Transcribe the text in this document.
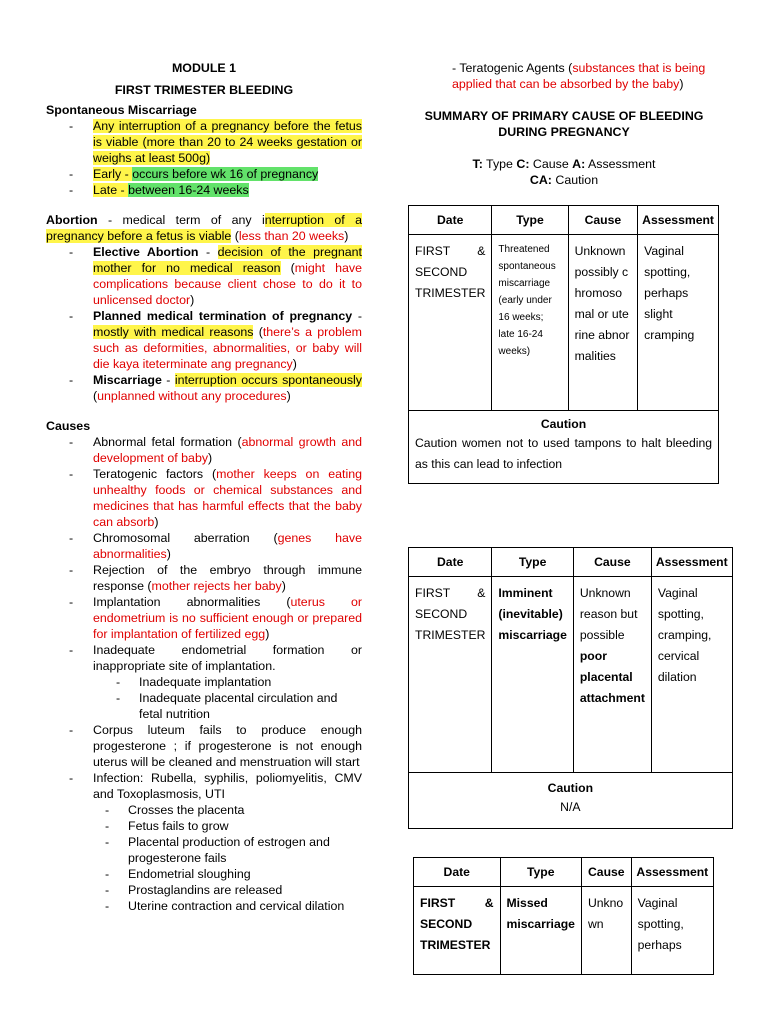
MODULE 1

FIRST TRIMESTER BLEEDING

Spontaneous Miscarriage

- Any interruption of a pregnancy before the fetus is viable (more than 20 to 24 weeks gestation or weighs at least 500g)

- Early - occurs before wk 16 of pregnancy

- Late - between 16-24 weeks

Abortion - medical term of any interruption of a pregnancy before a fetus is viable (less than 20 weeks)

- Elective Abortion - decision of the pregnant mother for no medical reason (might have complications because client chose to do it to unlicensed doctor)

- Planned medical termination of pregnancy - mostly with medical reasons (there’s a problem such as deformities, abnormalities, or baby will die kaya iteterminate ang pregnancy)

- Miscarriage - interruption occurs spontaneously (unplanned without any procedures)

Causes

- Abnormal fetal formation (abnormal growth and development of baby)

- Teratogenic factors (mother keeps on eating unhealthy foods or chemical substances and medicines that has harmful effects that the baby can absorb)

- Chromosomal aberration (genes have abnormalities)

- Rejection of the embryo through immune response (mother rejects her baby)

- Implantation abnormalities (uterus or endometrium is no sufficient enough or prepared for implantation of fertilized egg)

- Inadequate endometrial formation or inappropriate site of implantation.

- Inadequate implantation

- Inadequate placental circulation and fetal nutrition

- Corpus luteum fails to produce enough progesterone ; if progesterone is not enough uterus will be cleaned and menstruation will start

- Infection: Rubella, syphilis, poliomyelitis, CMV and Toxoplasmosis, UTI

- Crosses the placenta

- Fetus fails to grow

- Placental production of estrogen and progesterone fails

- Endometrial sloughing

- Prostaglandins are released

- Uterine contraction and cervical dilation

- Teratogenic Agents (substances that is being applied that can be absorbed by the baby)
SUMMARY OF PRIMARY CAUSE OF BLEEDING DURING PREGNANCY
T: Type C: Cause A: Assessment
CA: Caution
Date	Type	Cause	Assessment
FIRST & SECOND TRIMESTER	Threatened spontaneous miscarriage (early under 16 weeks; late 16-24 weeks)	Unknown possibly chromosomal or uterine abnormalities	Vaginal spotting, perhaps slight cramping

Caution
Caution women not to used tampons to halt bleeding as this can lead to infection			
Date	Type	Cause	Assessment
FIRST & SECOND TRIMESTER	Imminent (inevitable) miscarriage	Unknown reason but possible poor placental attachment	Vaginal spotting, cramping, cervical dilation

Caution
N/A			
Date	Type	Cause	Assessment
FIRST & SECOND TRIMESTER	Missed miscarriage	Unknown	Vaginal spotting, perhaps
